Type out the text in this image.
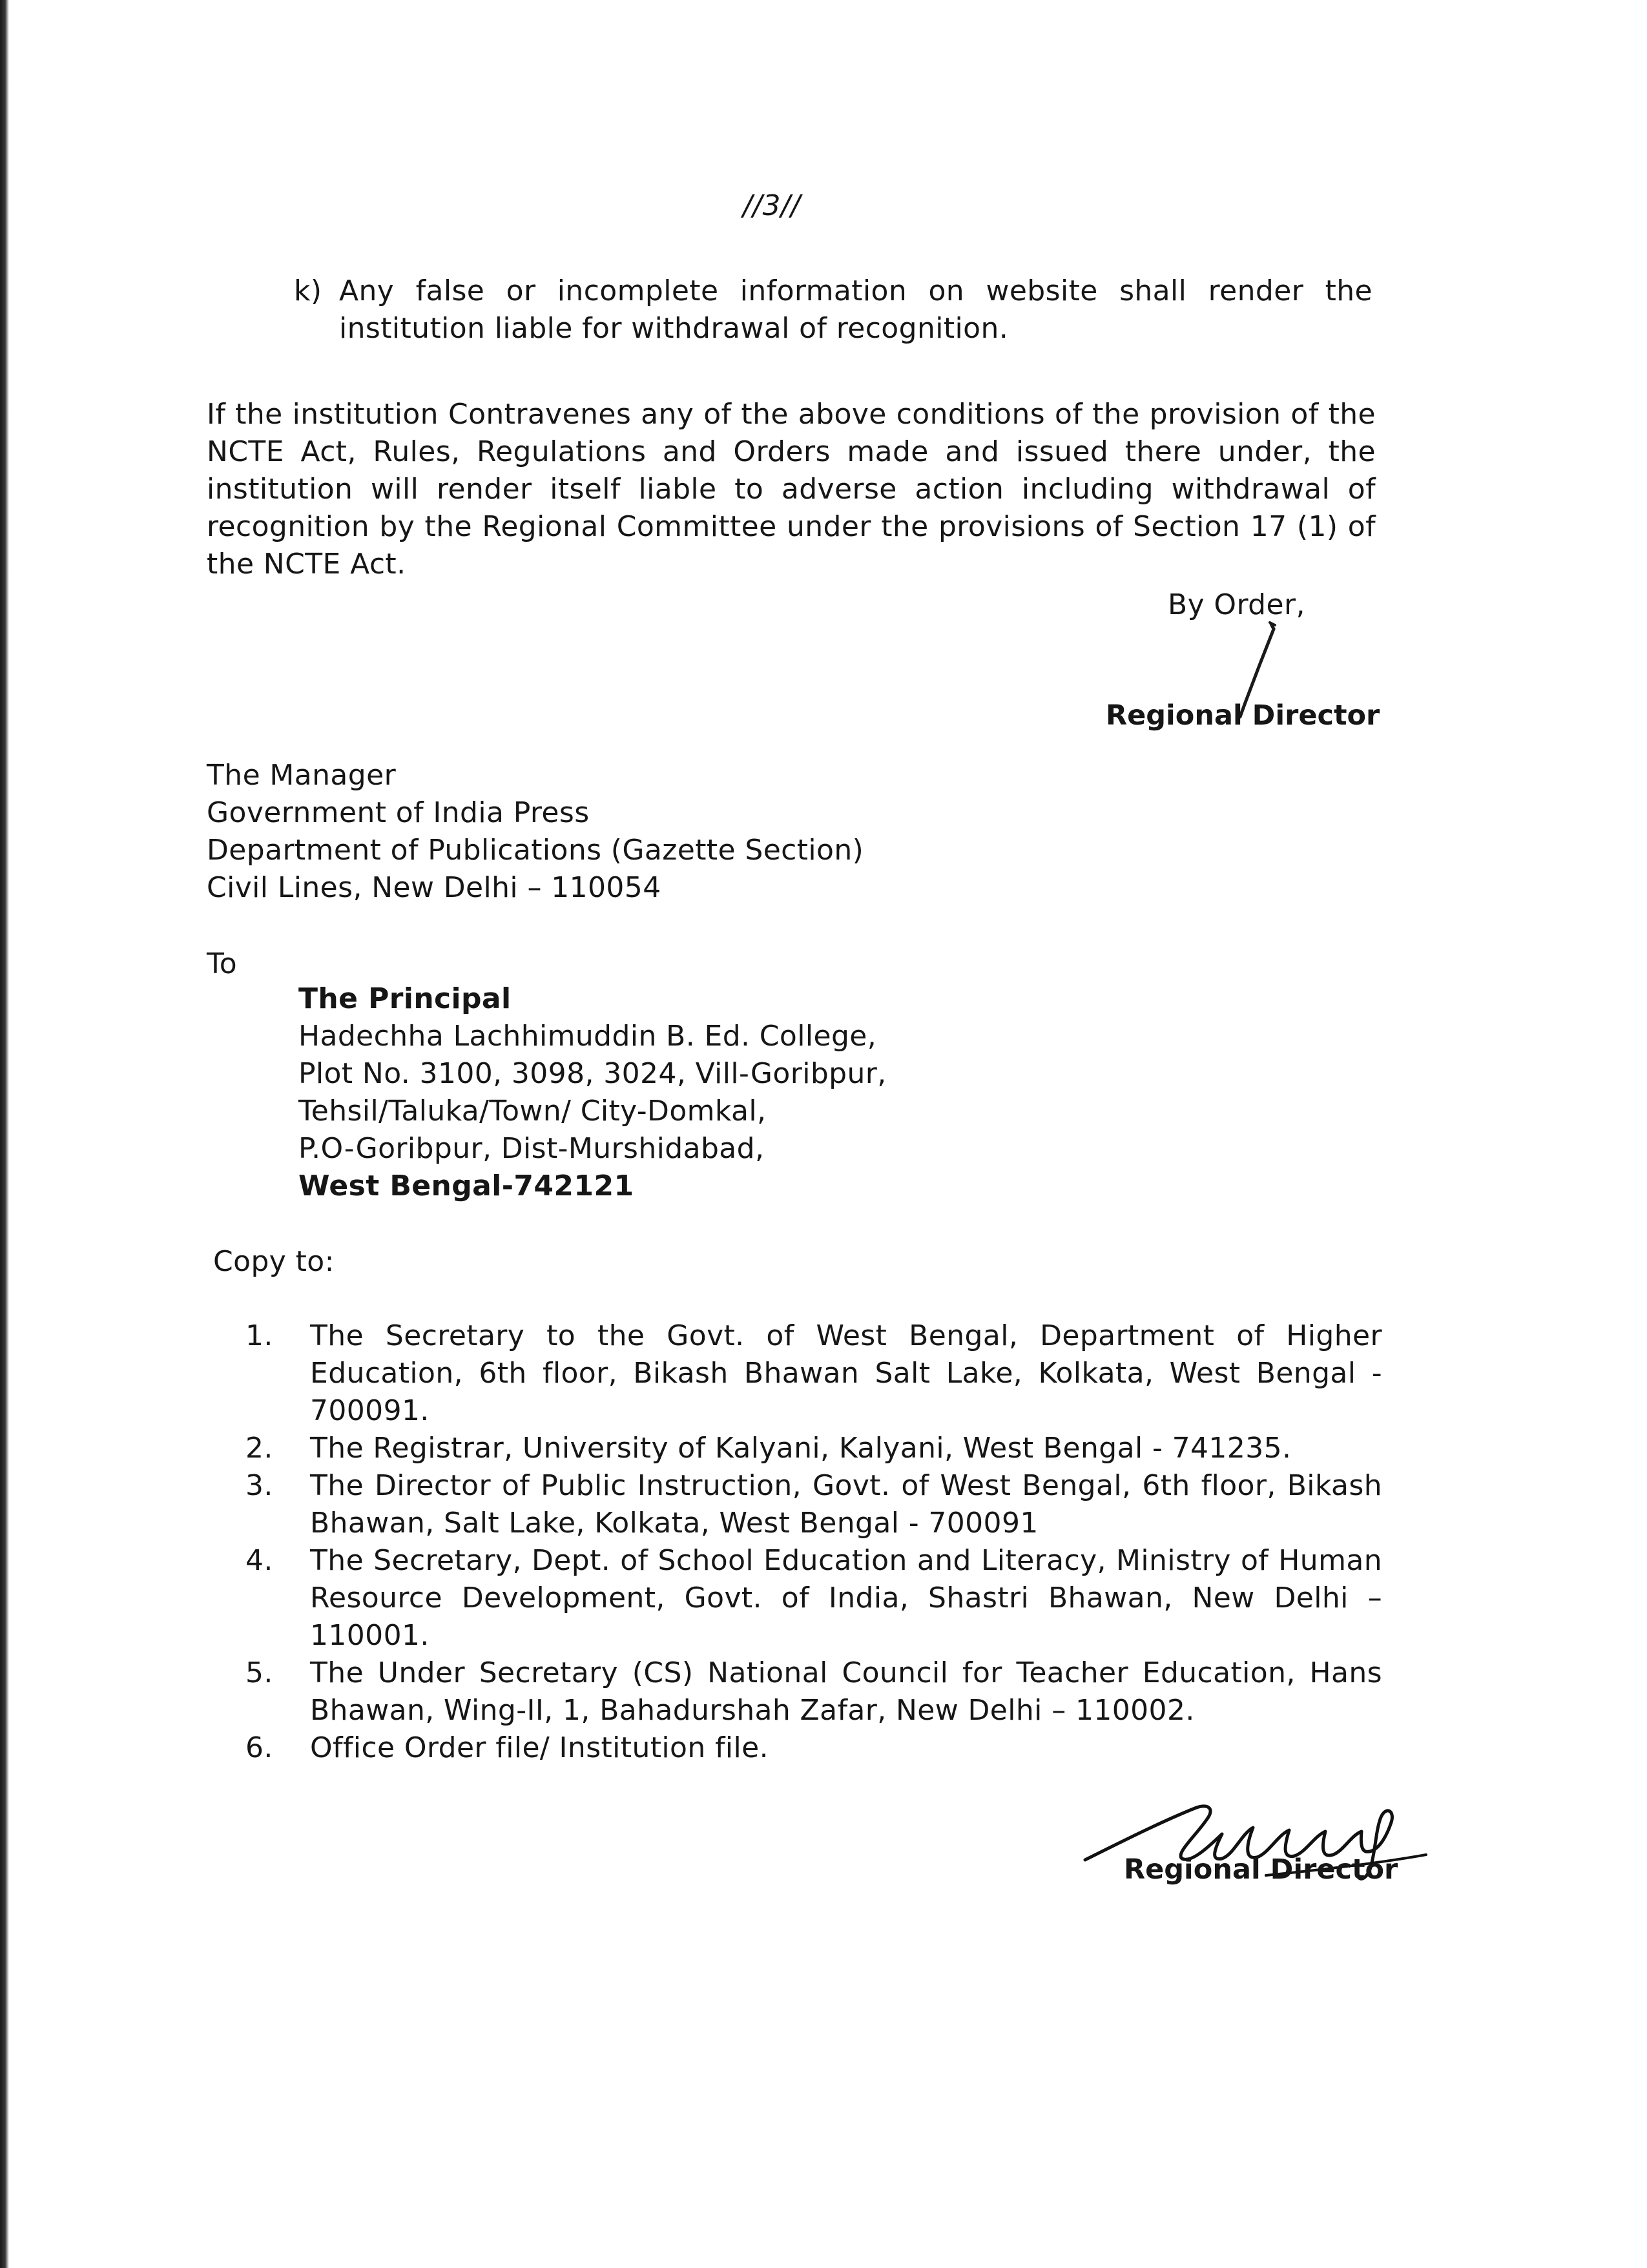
//3//
k) Any false or incomplete information on website shall render the institution liable for withdrawal of recognition.
If the institution Contravenes any of the above conditions of the provision of the NCTE Act, Rules, Regulations and Orders made and issued there under, the institution will render itself liable to adverse action including withdrawal of recognition by the Regional Committee under the provisions of Section 17 (1) of the NCTE Act.
By Order,
Regional Director
The Manager
Government of India Press
Department of Publications (Gazette Section)
Civil Lines, New Delhi – 110054
To
The Principal
Hadechha Lachhimuddin B. Ed. College,
Plot No. 3100, 3098, 3024, Vill-Goribpur,
Tehsil/Taluka/Town/ City-Domkal,
P.O-Goribpur, Dist-Murshidabad,
West Bengal-742121
Copy to:
1.	The Secretary to the Govt. of West Bengal, Department of Higher Education, 6th floor, Bikash Bhawan Salt Lake, Kolkata, West Bengal - 700091.
2.	The Registrar, University of Kalyani, Kalyani, West Bengal - 741235.
3.	The Director of Public Instruction, Govt. of West Bengal, 6th floor, Bikash Bhawan, Salt Lake, Kolkata, West Bengal - 700091
4.	The Secretary, Dept. of School Education and Literacy, Ministry of Human Resource Development, Govt. of India, Shastri Bhawan, New Delhi – 110001.
5.	The Under Secretary (CS) National Council for Teacher Education, Hans Bhawan, Wing-II, 1, Bahadurshah Zafar, New Delhi – 110002.
6.	Office Order file/ Institution file.
Regional Director
